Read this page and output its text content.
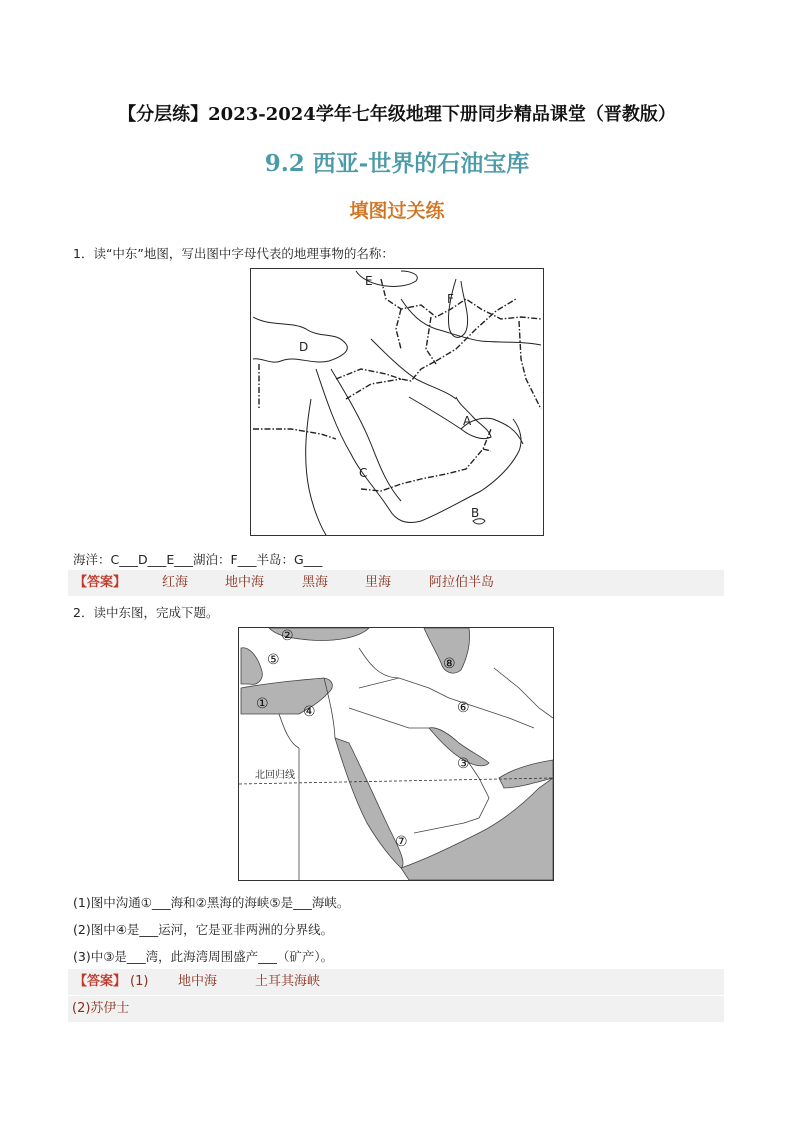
【分层练】2023-2024学年七年级地理下册同步精品课堂（晋教版）
9.2 西亚-世界的石油宝库
填图过关练
1．读“中东”地图，写出图中字母代表的地理事物的名称：
E
F
D
A
C
B
海洋：C___D___E___湖泊：F___半岛：G___
【答案】	红海	地中海	黑海	里海	阿拉伯半岛
2．读中东图，完成下题。
北回归线
②
⑤	⑧
① ④	⑥
③
⑦
(1)图中沟通①___海和②黑海的海峡⑤是___海峡。
(2)图中④是___运河，它是亚非两洲的分界线。
(3)中③是___湾，此海湾周围盛产___（矿产）。
【答案】 (1) 地中海	土耳其海峡
(2)苏伊士
